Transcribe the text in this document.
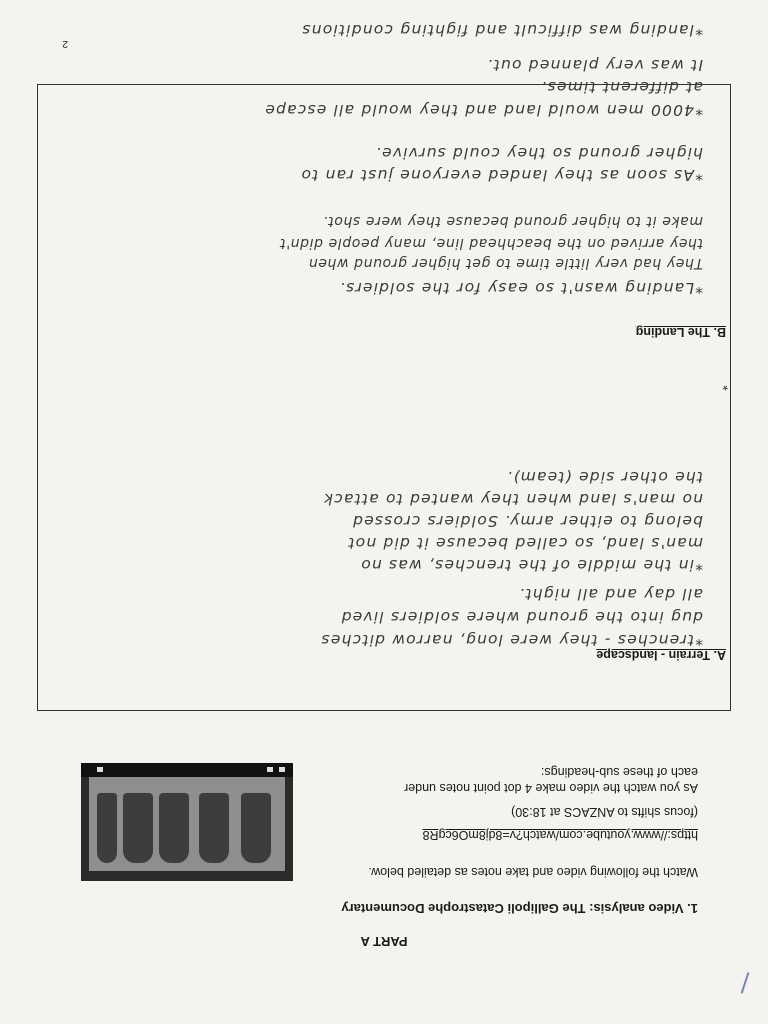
PART A
1. Video analysis: The Gallipoli Catastrophe Documentary
Watch the following video and take notes as detailed below.
https://www.youtube.com/watch?v=8dj8mO6cgR8
(focus shifts to ANZACS at 18:30)
As you watch the video make 4 dot point notes under each of these sub-headings:
A. Terrain - landscape
*trenches - they were long, narrow ditches
dug into the ground where soldiers lived
all day and all night.
*in the middle of the trenches, was no
man's land, so called because it did not
belong to either army. Soldiers crossed
no man's land when they wanted to attack
the other side (team).
*
B. The Landing
*Landing wasn't so easy for the soldiers.
They had very little time to get higher ground when
they arrived on the beachhead line, many people didn't
make it to higher ground because they were shot.
*As soon as they landed everyone just ran to
higher ground so they could survive.
*4000 men would land and they would all escape
at different times.
It was very planned out.
*landing was difficult and fighting conditions
2
